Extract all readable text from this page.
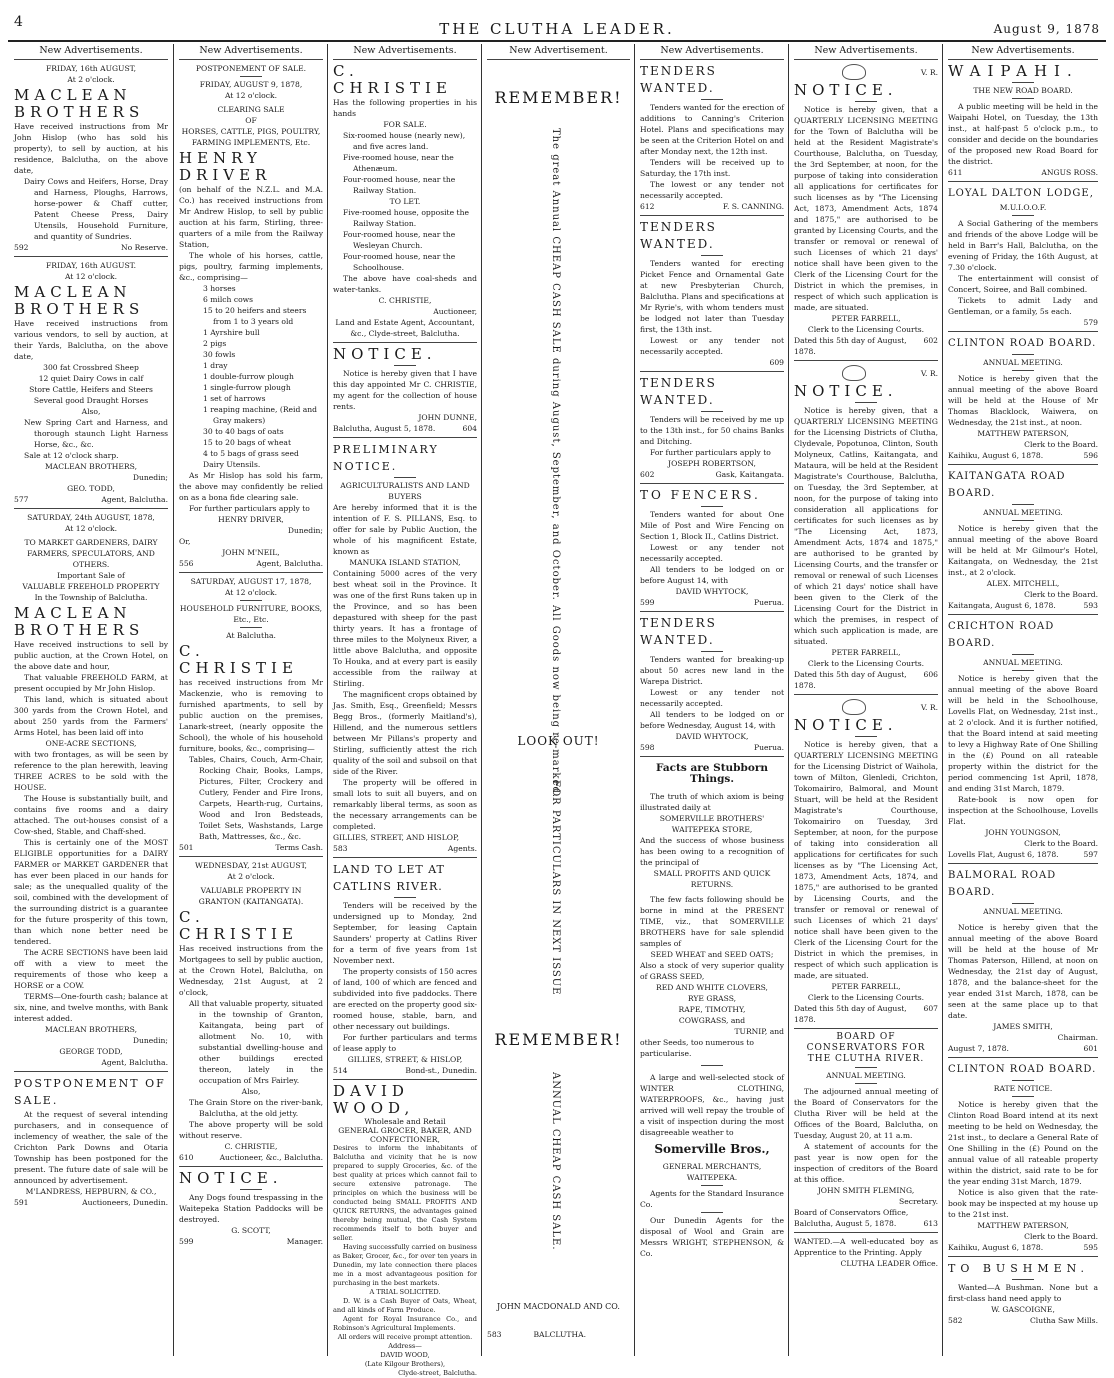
4	THE CLUTHA LEADER.	August 9, 1878
New Advertisements.

FRIDAY, 16th AUGUST,

At 2 o'clock.

MACLEAN BROTHERS

Have received instructions from Mr John Hislop (who has sold his property), to sell by auction, at his residence, Balclutha, on the above date,

Dairy Cows and Heifers, Horse, Dray and Harness, Ploughs, Harrows, horse-power & Chaff cutter, Patent Cheese Press, Dairy Utensils, Household Furniture, and quantity of Sundries.

592	No Reserve.

FRIDAY, 16th AUGUST.

At 12 o'clock.

MACLEAN BROTHERS

Have received instructions from various vendors, to sell by auction, at their Yards, Balclutha, on the above date,

300 fat Crossbred Sheep

12 quiet Dairy Cows in calf

Store Cattle, Heifers and Steers

Several good Draught Horses

Also,

New Spring Cart and Harness, and thorough staunch Light Harness Horse, &c., &c.

Sale at 12 o'clock sharp.

MACLEAN BROTHERS,

Dunedin;

GEO. TODD,

577	Agent, Balclutha.

SATURDAY, 24th AUGUST, 1878,

At 12 o'clock.

TO MARKET GARDENERS, DAIRY FARMERS, SPECULATORS, AND OTHERS.

Important Sale of

VALUABLE FREEHOLD PROPERTY

In the Township of Balclutha.

MACLEAN BROTHERS

Have received instructions to sell by public auction, at the Crown Hotel, on the above date and hour,

That valuable FREEHOLD FARM, at present occupied by Mr John Hislop.

This land, which is situated about 300 yards from the Crown Hotel, and about 250 yards from the Farmers' Arms Hotel, has been laid off into

ONE-ACRE SECTIONS,

with two frontages, as will be seen by reference to the plan herewith, leaving THREE ACRES to be sold with the HOUSE.

The House is substantially built, and contains five rooms and a dairy attached. The out-houses consist of a Cow-shed, Stable, and Chaff-shed.

This is certainly one of the MOST ELIGIBLE opportunities for a DAIRY FARMER or MARKET GARDENER that has ever been placed in our hands for sale; as the unequalled quality of the soil, combined with the development of the surrounding district is a guarantee for the future prosperity of this town, than which none better need be tendered.

The ACRE SECTIONS have been laid off with a view to meet the requirements of those who keep a HORSE or a COW.

TERMS—One-fourth cash; balance at six, nine, and twelve months, with Bank interest added.

MACLEAN BROTHERS,

Dunedin;

GEORGE TODD,

Agent, Balclutha.

POSTPONEMENT OF SALE.

At the request of several intending purchasers, and in consequence of inclemency of weather, the sale of the Crichton Park Downs and Otaria Township has been postponed for the present. The future date of sale will be announced by advertisement.

M'LANDRESS, HEPBURN, & CO.,

591	Auctioneers, Dunedin.
New Advertisements.

POSTPONEMENT OF SALE.

FRIDAY, AUGUST 9, 1878,

At 12 o'clock.

CLEARING SALE

OF

HORSES, CATTLE, PIGS, POULTRY, FARMING IMPLEMENTS, Etc.

HENRY DRIVER

(on behalf of the N.Z.L. and M.A. Co.) has received instructions from Mr Andrew Hislop, to sell by public auction at his farm, Stirling, three-quarters of a mile from the Railway Station,

The whole of his horses, cattle, pigs, poultry, farming implements, &c., comprising—

3 horses

6 milch cows

15 to 20 heifers and steers from 1 to 3 years old

1 Ayrshire bull

2 pigs

30 fowls

1 dray

1 double-furrow plough

1 single-furrow plough

1 set of harrows

1 reaping machine, (Reid and Gray makers)

30 to 40 bags of oats

15 to 20 bags of wheat

4 to 5 bags of grass seed

Dairy Utensils.

As Mr Hislop has sold his farm, the above may confidently be relied on as a bona fide clearing sale.

For further particulars apply to

HENRY DRIVER,

Dunedin;

Or,

JOHN M'NEIL,

556	Agent, Balclutha.

SATURDAY, AUGUST 17, 1878,

At 12 o'clock.

HOUSEHOLD FURNITURE, BOOKS, Etc., Etc.

At Balclutha.

C. CHRISTIE

has received instructions from Mr Mackenzie, who is removing to furnished apartments, to sell by public auction on the premises, Lanark-street, (nearly opposite the School), the whole of his household furniture, books, &c., comprising—

Tables, Chairs, Couch, Arm-Chair, Rocking Chair, Books, Lamps, Pictures, Filter, Crockery and Cutlery, Fender and Fire Irons, Carpets, Hearth-rug, Curtains, Wood and Iron Bedsteads, Toilet Sets, Washstands, Large Bath, Mattresses, &c., &c.

501	Terms Cash.

WEDNESDAY, 21st AUGUST,

At 2 o'clock.

VALUABLE PROPERTY IN GRANTON (KAITANGATA).

C. CHRISTIE

Has received instructions from the Mortgagees to sell by public auction, at the Crown Hotel, Balclutha, on Wednesday, 21st August, at 2 o'clock,

All that valuable property, situated in the township of Granton, Kaitangata, being part of allotment No. 10, with substantial dwelling-house and other buildings erected thereon, lately in the occupation of Mrs Fairley.

Also,

The Grain Store on the river-bank, Balclutha, at the old jetty.

The above property will be sold without reserve.

C. CHRISTIE,

610	Auctioneer, &c., Balclutha.

NOTICE.

Any Dogs found trespassing in the Waitepeka Station Paddocks will be destroyed.

G. SCOTT,

599	Manager.
New Advertisements.

C. CHRISTIE

Has the following properties in his hands

FOR SALE.

Six-roomed house (nearly new), and five acres land.

Five-roomed house, near the Athenæum.

Four-roomed house, near the Railway Station.

TO LET.

Five-roomed house, opposite the Railway Station.

Four-roomed house, near the Wesleyan Church.

Four-roomed house, near the Schoolhouse.

The above have coal-sheds and water-tanks.

C. CHRISTIE,

Auctioneer,

Land and Estate Agent, Accountant, &c., Clyde-street, Balclutha.

NOTICE.

Notice is hereby given that I have this day appointed Mr C. CHRISTIE, my agent for the collection of house rents.

JOHN DUNNE,

Balclutha, August 5, 1878.	604

PRELIMINARY NOTICE.

AGRICULTURALISTS AND LAND BUYERS

Are hereby informed that it is the intention of F. S. PILLANS, Esq. to offer for sale by Public Auction, the whole of his magnificent Estate, known as

MANUKA ISLAND STATION,

Containing 5000 acres of the very best wheat soil in the Province. It was one of the first Runs taken up in the Province, and so has been depastured with sheep for the past thirty years. It has a frontage of three miles to the Molyneux River, a little above Balclutha, and opposite To Houka, and at every part is easily accessible from the railway at Stirling.

The magnificent crops obtained by Jas. Smith, Esq., Greenfield; Messrs Begg Bros., (formerly Maitland's), Hillend, and the numerous settlers between Mr Pillans's property and Stirling, sufficiently attest the rich quality of the soil and subsoil on that side of the River.

The property will be offered in small lots to suit all buyers, and on remarkably liberal terms, as soon as the necessary arrangements can be completed.

GILLIES, STREET, AND HISLOP,

583	Agents.

LAND TO LET AT CATLINS RIVER.

Tenders will be received by the undersigned up to Monday, 2nd September, for leasing Captain Saunders' property at Catlins River for a term of five years from 1st November next.

The property consists of 150 acres of land, 100 of which are fenced and subdivided into five paddocks. There are erected on the property good six-roomed house, stable, barn, and other necessary out buildings.

For further particulars and terms of lease apply to

GILLIES, STREET, & HISLOP,

514	Bond-st., Dunedin.

DAVID WOOD,

Wholesale and Retail

GENERAL GROCER, BAKER, AND CONFECTIONER,

Desires to inform the inhabitants of Balclutha and vicinity that he is now prepared to supply Groceries, &c. of the best quality at prices which cannot fail to secure extensive patronage. The principles on which the business will be conducted being SMALL PROFITS AND QUICK RETURNS, the advantages gained thereby being mutual, the Cash System recommends itself to both buyer and seller.

Having successfully carried on business as Baker, Grocer, &c., for over ten years in Dunedin, my late connection there places me in a most advantageous position for purchasing in the best markets.

A TRIAL SOLICITED.

D. W. is a Cash Buyer of Oats, Wheat, and all kinds of Farm Produce.

Agent for Royal Insurance Co., and Robinson's Agricultural Implements.

All orders will receive prompt attention.

Address—

DAVID WOOD,

(Late Kilgour Brothers),

Clyde-street, Balclutha.

New Advertisement.
REMEMBER!
The great Annual CHEAP CASH SALE during August, September, and October. All Goods now being re-marked.
LOOK OUT!
FOR PARTICULARS IN NEXT ISSUE
REMEMBER!
ANNUAL CHEAP CASH SALE.
JOHN MACDONALD AND CO.
583	BALCLUTHA.
New Advertisements.

TENDERS WANTED.

Tenders wanted for the erection of additions to Canning's Criterion Hotel. Plans and specifications may be seen at the Criterion Hotel on and after Monday next, the 12th inst.

Tenders will be received up to Saturday, the 17th inst.

The lowest or any tender not necessarily accepted.

612	F. S. CANNING.

TENDERS WANTED.

Tenders wanted for erecting Picket Fence and Ornamental Gate at new Presbyterian Church, Balclutha. Plans and specifications at Mr Ryrie's, with whom tenders must be lodged not later than Tuesday first, the 13th inst.

Lowest or any tender not necessarily accepted.

609

TENDERS WANTED.

Tenders will be received by me up to the 13th inst., for 50 chains Banks and Ditching.

For further particulars apply to

JOSEPH ROBERTSON,

602	Gask, Kaitangata.

TO FENCERS.

Tenders wanted for about One Mile of Post and Wire Fencing on Section 1, Block II., Catlins District.

Lowest or any tender not necessarily accepted.

All tenders to be lodged on or before August 14, with

DAVID WHYTOCK,

599	Puerua.

TENDERS WANTED.

Tenders wanted for breaking-up about 50 acres new land in the Warepa District.

Lowest or any tender not necessarily accepted.

All tenders to be lodged on or before Wednesday, August 14, with

DAVID WHYTOCK,

598	Puerua.

Facts are Stubborn Things.

The truth of which axiom is being illustrated daily at

SOMERVILLE BROTHERS'

WAITEPEKA STORE,

And the success of whose business has been owing to a recognition of the principal of

SMALL PROFITS AND QUICK RETURNS.

The few facts following should be borne in mind at the PRESENT TIME, viz., that SOMERVILLE BROTHERS have for sale splendid samples of

SEED WHEAT and SEED OATS;

Also a stock of very superior quality of GRASS SEED,

RED AND WHITE CLOVERS,

RYE GRASS,

RAPE, TIMOTHY,

COWGRASS, and

TURNIP, and

other Seeds, too numerous to particularise.

A large and well-selected stock of WINTER CLOTHING, WATERPROOFS, &c., having just arrived will well repay the trouble of a visit of inspection during the most disagreeable weather to

Somerville Bros.,

GENERAL MERCHANTS,

WAITEPEKA.

Agents for the Standard Insurance Co.

Our Dunedin Agents for the disposal of Wool and Grain are Messrs WRIGHT, STEPHENSON, & Co.

New Advertisements.
V. R.

NOTICE.

Notice is hereby given, that a QUARTERLY LICENSING MEETING for the Town of Balclutha will be held at the Resident Magistrate's Courthouse, Balclutha, on Tuesday, the 3rd September, at noon, for the purpose of taking into consideration all applications for certificates for such licenses as by "The Licensing Act, 1873, Amendment Acts, 1874 and 1875," are authorised to be granted by Licensing Courts, and the transfer or removal or renewal of such Licenses of which 21 days' notice shall have been given to the Clerk of the Licensing Court for the District in which the premises, in respect of which such application is made, are situated.

PETER FARRELL,

Clerk to the Licensing Courts.

Dated this 5th day of August, 1878.
602
V. R.

NOTICE.

Notice is hereby given, that a QUARTERLY LICENSING MEETING for the Licensing Districts of Clutha, Clydevale, Popotunoa, Clinton, South Molyneux, Catlins, Kaitangata, and Mataura, will be held at the Resident Magistrate's Courthouse, Balclutha, on Tuesday, the 3rd September, at noon, for the purpose of taking into consideration all applications for certificates for such licenses as by "The Licensing Act, 1873, Amendment Acts, 1874 and 1875," are authorised to be granted by Licensing Courts, and the transfer or removal or renewal of such Licenses of which 21 days' notice shall have been given to the Clerk of the Licensing Court for the District in which the premises, in respect of which such application is made, are situated.

PETER FARRELL,

Clerk to the Licensing Courts.

Dated this 5th day of August, 1878.
606
V. R.

NOTICE.

Notice is hereby given, that a QUARTERLY LICENSING MEETING for the Licensing District of Waihola, town of Milton, Glenledi, Crichton, Tokomairiro, Balmoral, and Mount Stuart, will be held at the Resident Magistrate's Courthouse, Tokomairiro on Tuesday, 3rd September, at noon, for the purpose of taking into consideration all applications for certificates for such licenses as by "The Licensing Act, 1873, Amendment Acts, 1874, and 1875," are authorised to be granted by Licensing Courts, and the transfer or removal or renewal of such Licenses of which 21 days' notice shall have been given to the Clerk of the Licensing Court for the District in which the premises, in respect of which such application is made, are situated.

PETER FARRELL,

Clerk to the Licensing Courts.

Dated this 5th day of August, 1878.
607

BOARD OF CONSERVATORS FOR THE CLUTHA RIVER.

ANNUAL MEETING.

The adjourned annual meeting of the Board of Conservators for the Clutha River will be held at the Offices of the Board, Balclutha, on Tuesday, August 20, at 11 a.m.

A statement of accounts for the past year is now open for the inspection of creditors of the Board at this office.

JOHN SMITH FLEMING,

Secretary.

Board of Conservators Office,

Balclutha, August 5, 1878.	613

WANTED.—A well-educated boy as Apprentice to the Printing. Apply

CLUTHA LEADER Office.

New Advertisements.

WAIPAHI.

THE NEW ROAD BOARD.

A public meeting will be held in the Waipahi Hotel, on Tuesday, the 13th inst., at half-past 5 o'clock p.m., to consider and decide on the boundaries of the proposed new Road Board for the district.

611	ANGUS ROSS.

LOYAL DALTON LODGE,

M.U.I.O.O.F.

A Social Gathering of the members and friends of the above Lodge will be held in Barr's Hall, Balclutha, on the evening of Friday, the 16th August, at 7.30 o'clock.

The entertainment will consist of Concert, Soiree, and Ball combined.

Tickets to admit Lady and Gentleman, or a family, 5s each.

579

CLINTON ROAD BOARD.

ANNUAL MEETING.

Notice is hereby given that the annual meeting of the above Board will be held at the House of Mr Thomas Blacklock, Waiwera, on Wednesday, the 21st inst., at noon.

MATTHEW PATERSON,

Clerk to the Board.

Kaihiku, August 6, 1878.	596

KAITANGATA ROAD BOARD.

ANNUAL MEETING.

Notice is hereby given that the annual meeting of the above Board will be held at Mr Gilmour's Hotel, Kaitangata, on Wednesday, the 21st inst., at 2 o'clock.

ALEX. MITCHELL,

Clerk to the Board.

Kaitangata, August 6, 1878.	593

CRICHTON ROAD BOARD.

ANNUAL MEETING.

Notice is hereby given that the annual meeting of the above Board will be held in the Schoolhouse, Lovells Flat, on Wednesday, 21st inst., at 2 o'clock. And it is further notified, that the Board intend at said meeting to levy a Highway Rate of One Shilling in the (£) Pound on all rateable property within the district for the period commencing 1st April, 1878, and ending 31st March, 1879.

Rate-book is now open for inspection at the Schoolhouse, Lovells Flat.

JOHN YOUNGSON,

Clerk to the Board.

Lovells Flat, August 6, 1878.	597

BALMORAL ROAD BOARD.

ANNUAL MEETING.

Notice is hereby given that the annual meeting of the above Board will be held at the house of Mr Thomas Paterson, Hillend, at noon on Wednesday, the 21st day of August, 1878, and the balance-sheet for the year ended 31st March, 1878, can be seen at the same place up to that date.

JAMES SMITH,

Chairman.

August 7, 1878.	601

CLINTON ROAD BOARD.

RATE NOTICE.

Notice is hereby given that the Clinton Road Board intend at its next meeting to be held on Wednesday, the 21st inst., to declare a General Rate of One Shilling in the (£) Pound on the annual value of all rateable property within the district, said rate to be for the year ending 31st March, 1879.

Notice is also given that the rate-book may be inspected at my house up to the 21st inst.

MATTHEW PATERSON,

Clerk to the Board.

Kaihiku, August 6, 1878.	595

TO BUSHMEN.

Wanted—A Bushman. None but a first-class hand need apply to

W. GASCOIGNE,

582	Clutha Saw Mills.
